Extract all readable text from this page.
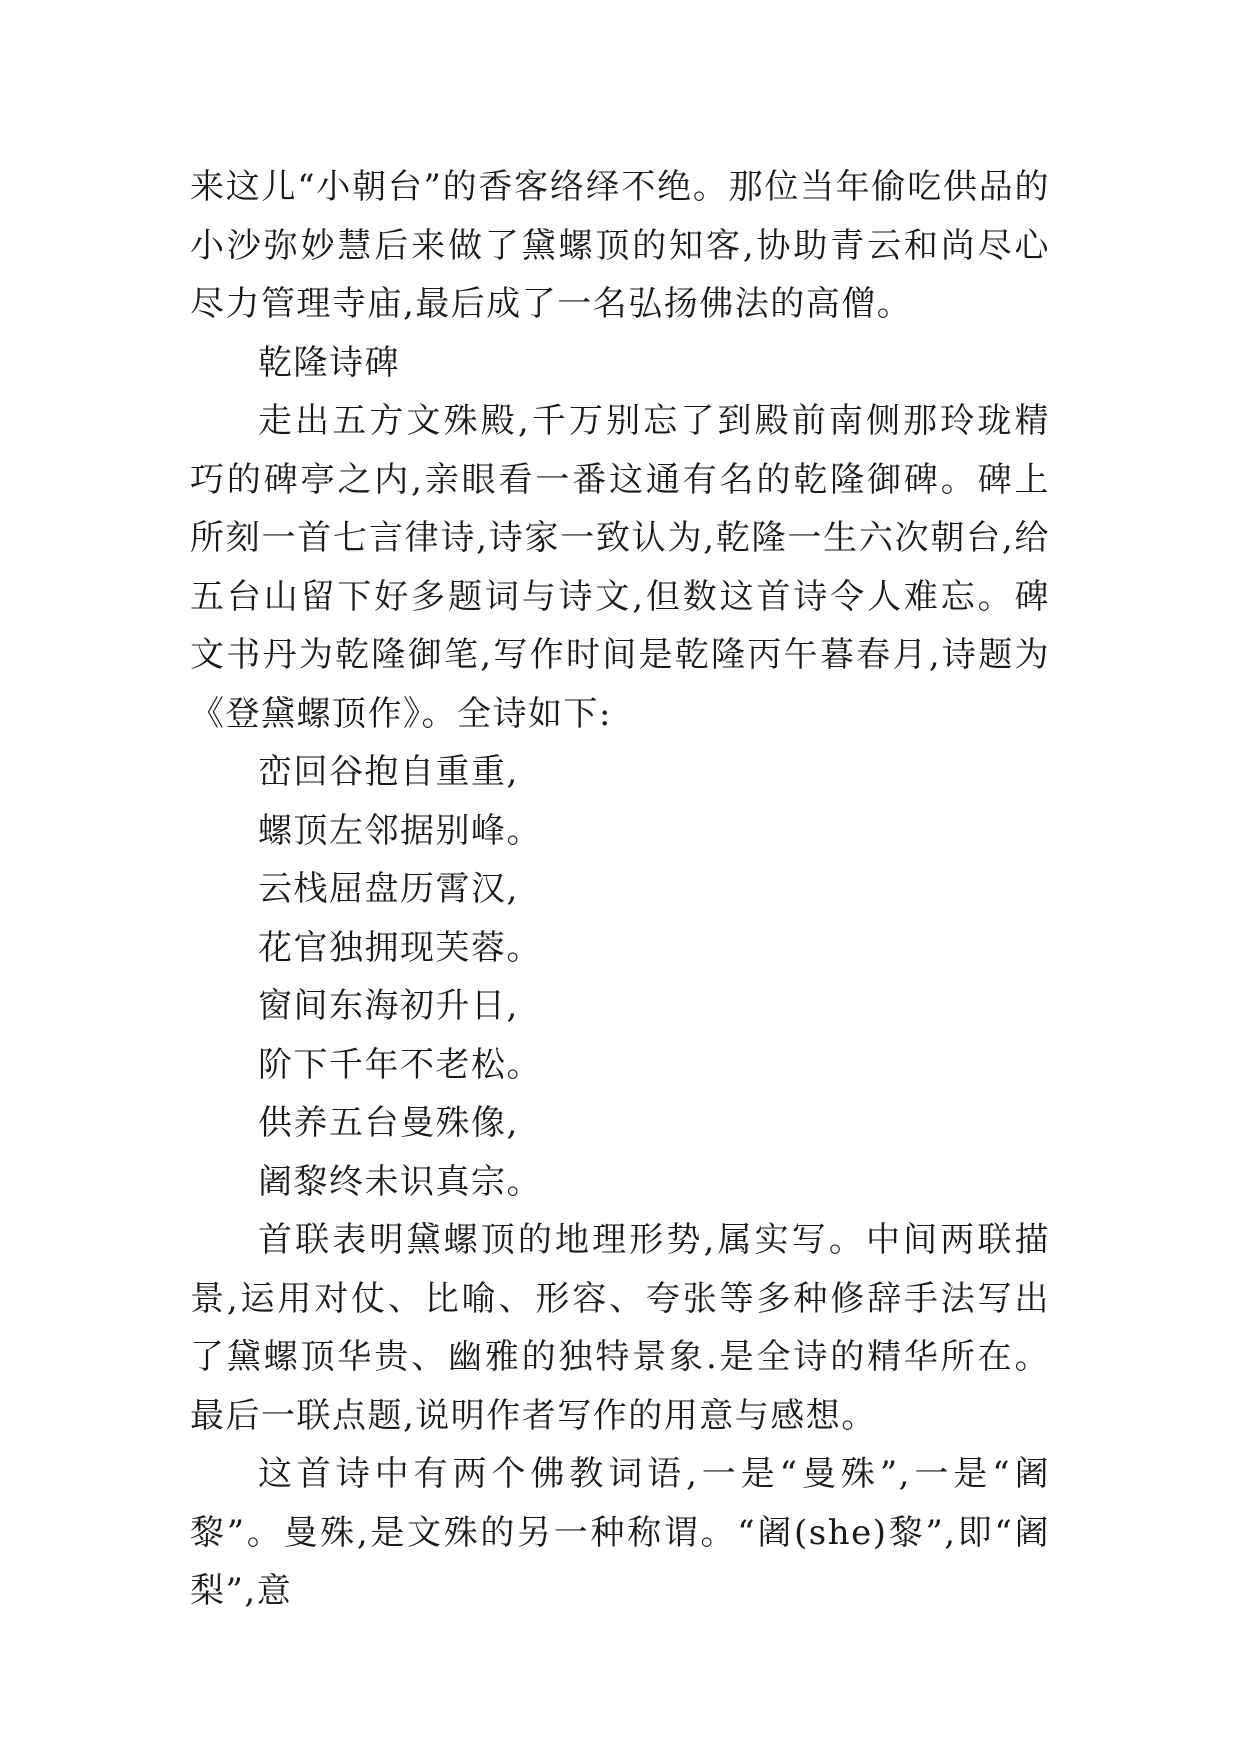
来这儿“小朝台”的香客络绎不绝。那位当年偷吃供品的小沙弥妙慧后来做了黛螺顶的知客,协助青云和尚尽心尽力管理寺庙,最后成了一名弘扬佛法的高僧。

乾隆诗碑

走出五方文殊殿,千万别忘了到殿前南侧那玲珑精巧的碑亭之内,亲眼看一番这通有名的乾隆御碑。碑上所刻一首七言律诗,诗家一致认为,乾隆一生六次朝台,给五台山留下好多题词与诗文,但数这首诗令人难忘。碑文书丹为乾隆御笔,写作时间是乾隆丙午暮春月,诗题为《登黛螺顶作》。全诗如下:

峦回谷抱自重重,
螺顶左邻据别峰。
云栈屈盘历霄汉,
花官独拥现芙蓉。
窗间东海初升日,
阶下千年不老松。
供养五台曼殊像,
阇黎终未识真宗。

首联表明黛螺顶的地理形势,属实写。中间两联描景,运用对仗、比喻、形容、夸张等多种修辞手法写出了黛螺顶华贵、幽雅的独特景象.是全诗的精华所在。最后一联点题,说明作者写作的用意与感想。

这首诗中有两个佛教词语,一是“曼殊”,一是“阇黎”。曼殊,是文殊的另一种称谓。“阇(she)黎”,即“阇梨”,意
